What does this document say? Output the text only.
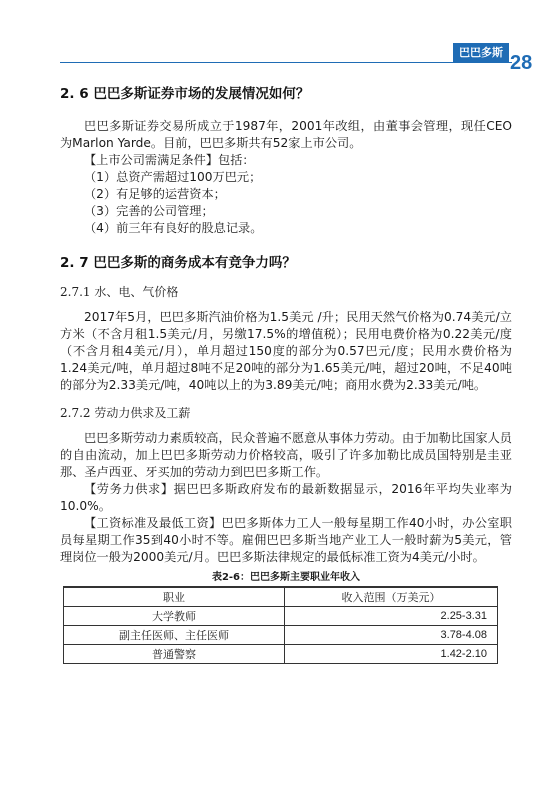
巴巴多斯 28
2. 6 巴巴多斯证券市场的发展情况如何？

巴巴多斯证券交易所成立于1987年，2001年改组，由董事会管理，现任CEO为Marlon Yarde。目前，巴巴多斯共有52家上市公司。

【上市公司需满足条件】包括：

（1）总资产需超过100万巴元；

（2）有足够的运营资本；

（3）完善的公司管理；

（4）前三年有良好的股息记录。

2. 7 巴巴多斯的商务成本有竞争力吗？
2.7.1 水、电、气价格

2017年5月，巴巴多斯汽油价格为1.5美元 /升；民用天然气价格为0.74美元/立方米（不含月租1.5美元/月，另缴17.5%的增值税）；民用电费价格为0.22美元/度（不含月租4美元/月），单月超过150度的部分为0.57巴元/度；民用水费价格为1.24美元/吨，单月超过8吨不足20吨的部分为1.65美元/吨，超过20吨，不足40吨的部分为2.33美元/吨，40吨以上的为3.89美元/吨；商用水费为2.33美元/吨。

2.7.2 劳动力供求及工薪

巴巴多斯劳动力素质较高，民众普遍不愿意从事体力劳动。由于加勒比国家人员的自由流动，加上巴巴多斯劳动力价格较高，吸引了许多加勒比成员国特别是圭亚那、圣卢西亚、牙买加的劳动力到巴巴多斯工作。

【劳务力供求】据巴巴多斯政府发布的最新数据显示，2016年平均失业率为10.0%。

【工资标准及最低工资】巴巴多斯体力工人一般每星期工作40小时，办公室职员每星期工作35到40小时不等。雇佣巴巴多斯当地产业工人一般时薪为5美元，管理岗位一般为2000美元/月。巴巴多斯法律规定的最低标准工资为4美元/小时。

表2-6：巴巴多斯主要职业年收入
职业	收入范围（万美元）
大学教师	2.25-3.31
副主任医师、主任医师	3.78-4.08
普通警察	1.42-2.10
